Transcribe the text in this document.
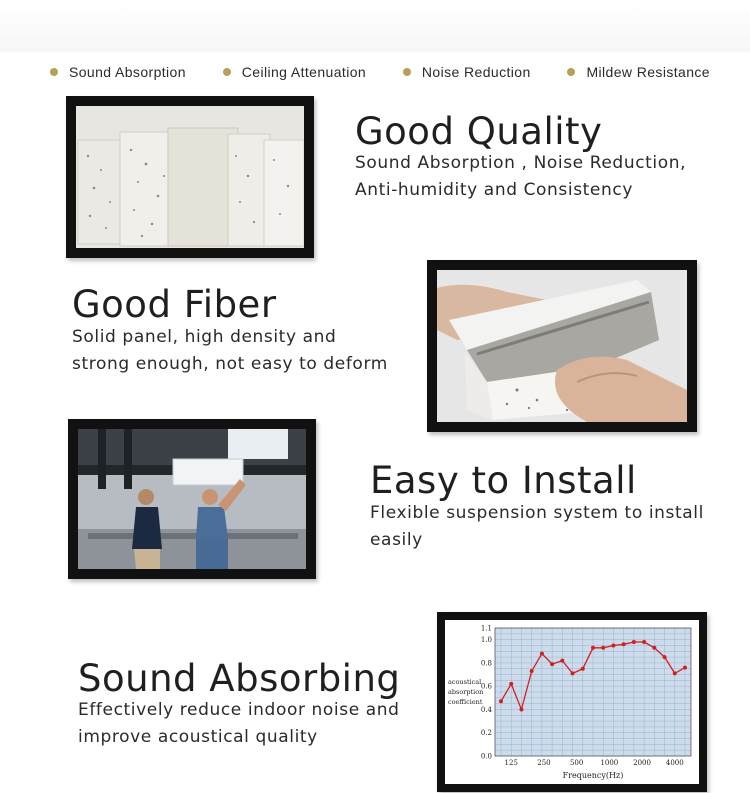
Sound Absorption	Ceiling Attenuation	Noise Reduction	Mildew Resistance
Good Quality
Sound Absorption , Noise Reduction,
Anti-humidity and Consistency
Good Fiber
Solid panel, high density and
strong enough, not easy to deform
Easy to Install
Flexible suspension system to install
easily
Sound Absorbing
Effectively reduce indoor noise and
improve acoustical quality
0.0
0.2
0.4
0.6
0.8
1.0
1.1
125	250	500 1000 2000 4000
acoustical
absorption
coefficient
Frequency(Hz)
